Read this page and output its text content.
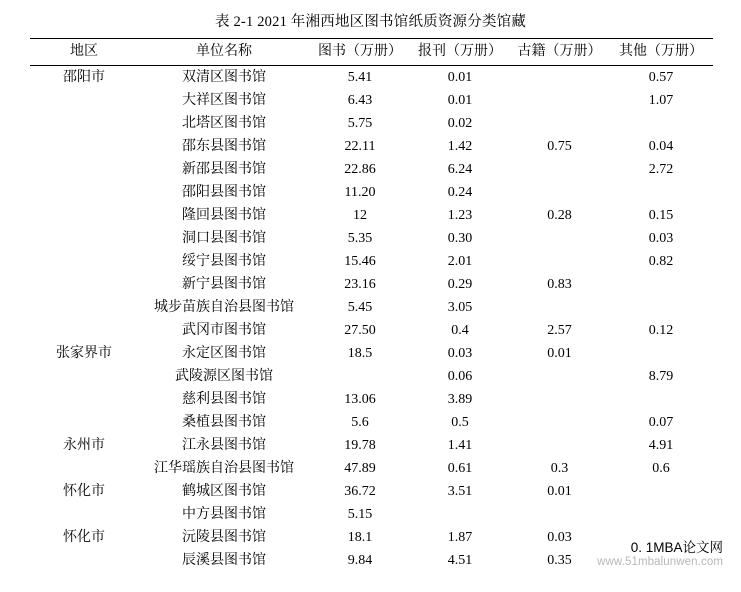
表 2-1 2021 年湘西地区图书馆纸质资源分类馆藏
地区	单位名称	图书（万册）	报刊（万册）	古籍（万册）	其他（万册）
邵阳市	双清区图书馆	5.41	0.01		0.57
	大祥区图书馆	6.43	0.01		1.07
	北塔区图书馆	5.75	0.02		
	邵东县图书馆	22.11	1.42	0.75	0.04
	新邵县图书馆	22.86	6.24		2.72
	邵阳县图书馆	11.20	0.24		
	隆回县图书馆	12	1.23	0.28	0.15
	洞口县图书馆	5.35	0.30		0.03
	绥宁县图书馆	15.46	2.01		0.82
	新宁县图书馆	23.16	0.29	0.83	
	城步苗族自治县图书馆	5.45	3.05		
	武冈市图书馆	27.50	0.4	2.57	0.12
张家界市	永定区图书馆	18.5	0.03	0.01	
	武陵源区图书馆		0.06		8.79
	慈利县图书馆	13.06	3.89		
	桑植县图书馆	5.6	0.5		0.07
永州市	江永县图书馆	19.78	1.41		4.91
	江华瑶族自治县图书馆	47.89	0.61	0.3	0.6
怀化市	鹤城区图书馆	36.72	3.51	0.01	
	中方县图书馆	5.15			
怀化市	沅陵县图书馆	18.1	1.87	0.03	
	辰溪县图书馆	9.84	4.51	0.35	
0. 1MBA论文网
www.51mbalunwen.com
